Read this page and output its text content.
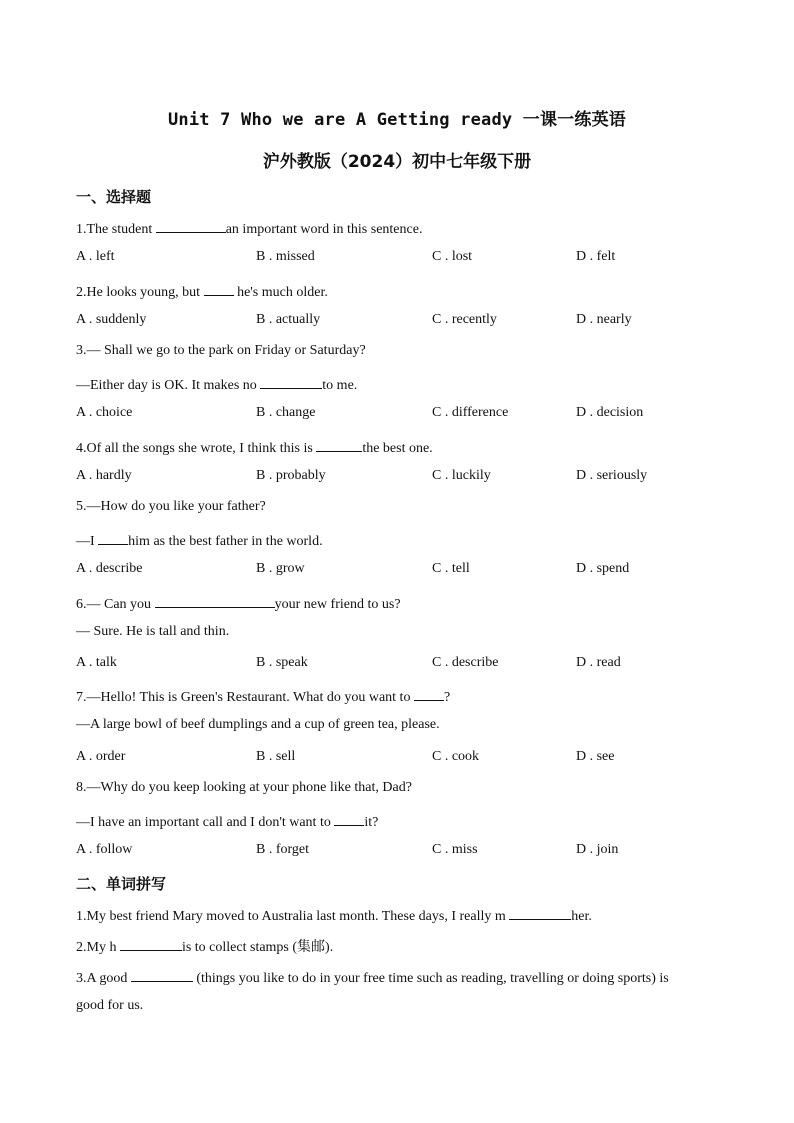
Unit 7 Who we are A Getting ready 一课一练英语
沪外教版（2024）初中七年级下册
一、选择题
1.The student	an important word in this sentence.
A . left	B . missed	C . lost	D . felt
2.He looks young, but  he's much older.
A . suddenly	B . actually	C . recently	D . nearly
3.— Shall we go to the park on Friday or Saturday?
—Either day is OK. It makes no	to me.
A . choice	B . change	C . difference	D . decision
4.Of all the songs she wrote, I think this is	the best one.
A . hardly	B . probably	C . luckily	D . seriously
5.—How do you like your father?
—I him as the best father in the world.
A . describe	B . grow	C . tell	D . spend
6.— Can you	your new friend to us?
— Sure. He is tall and thin.
A . talk	B . speak	C . describe	D . read
7.—Hello! This is Green's Restaurant. What do you want to ?
—A large bowl of beef dumplings and a cup of green tea, please.
A . order	B . sell	C . cook	D . see
8.—Why do you keep looking at your phone like that, Dad?
—I have an important call and I don't want to it?
A . follow	B . forget	C . miss	D . join
二、单词拼写
1.My best friend Mary moved to Australia last month. These days, I really m	her.
2.My h	is to collect stamps (集邮).
3.A good	(things you like to do in your free time such as reading, travelling or doing sports) is
good for us.
